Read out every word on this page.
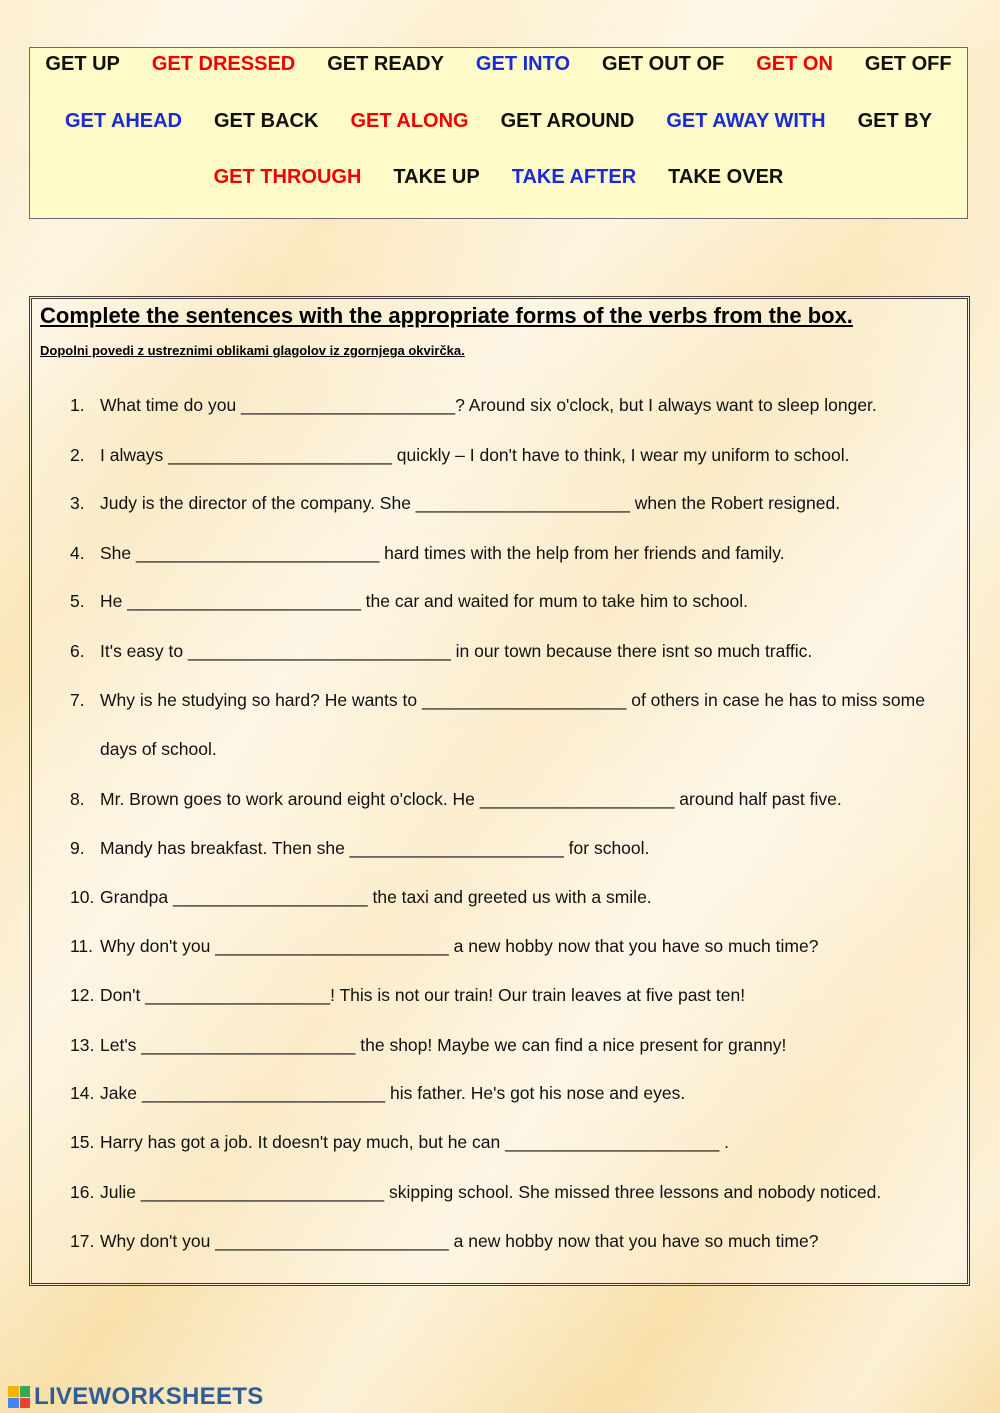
GET UP GET DRESSED GET READY GET INTO GET OUT OF GET ON GET OFF
GET AHEAD GET BACK GET ALONG GET AROUND GET AWAY WITH GET BY
GET THROUGH TAKE UP TAKE AFTER TAKE OVER
Complete the sentences with the appropriate forms of the verbs from the box.
Dopolni povedi z ustreznimi oblikami glagolov iz zgornjega okvirčka.
1. What time do you ______________________? Around six o'clock, but I always want to sleep longer.
2. I always _______________________ quickly – I don't have to think, I wear my uniform to school.
3. Judy is the director of the company. She ______________________ when the Robert resigned.
4. She _________________________ hard times with the help from her friends and family.
5. He ________________________ the car and waited for mum to take him to school.
6. It's easy to ___________________________ in our town because there isnt so much traffic.
7. Why is he studying so hard? He wants to _____________________ of others in case he has to miss some
days of school.
8. Mr. Brown goes to work around eight o'clock. He ____________________ around half past five.
9. Mandy has breakfast. Then she ______________________ for school.
10. Grandpa ____________________ the taxi and greeted us with a smile.
11. Why don't you ________________________ a new hobby now that you have so much time?
12. Don't ___________________! This is not our train! Our train leaves at five past ten!
13. Let's ______________________ the shop! Maybe we can find a nice present for granny!
14. Jake _________________________ his father. He's got his nose and eyes.
15. Harry has got a job. It doesn't pay much, but he can ______________________ .
16. Julie _________________________ skipping school. She missed three lessons and nobody noticed.
17. Why don't you ________________________ a new hobby now that you have so much time?
LIVEWORKSHEETS
